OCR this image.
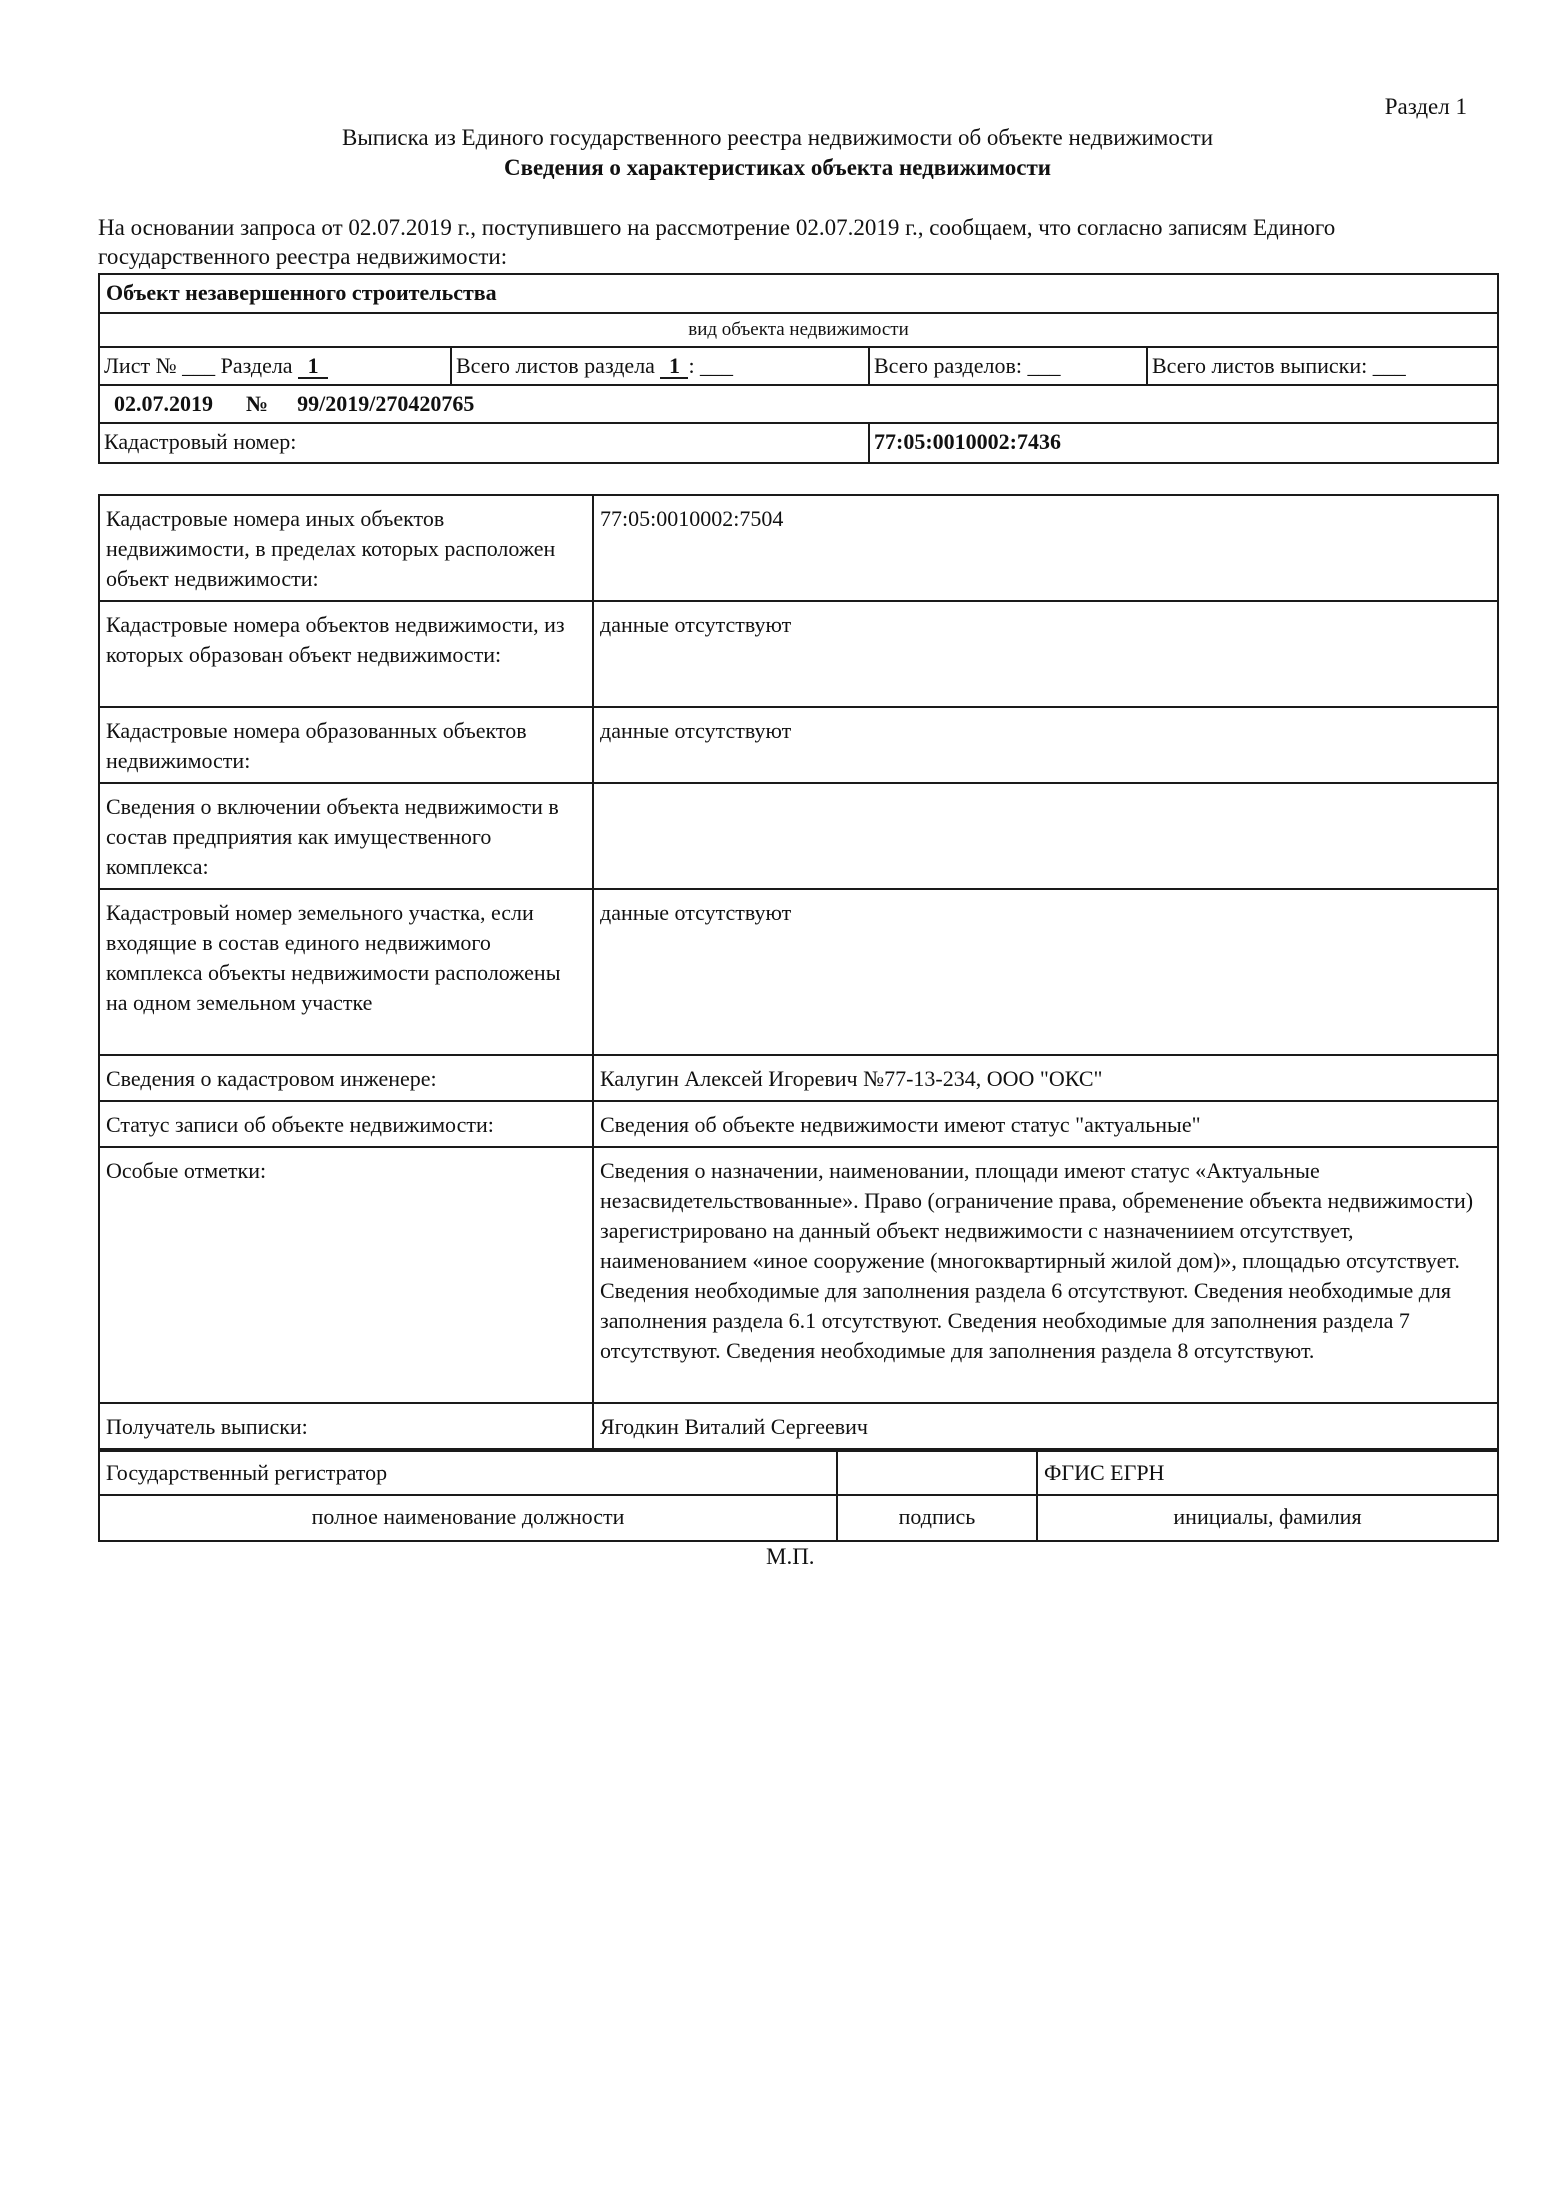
Раздел 1
Выписка из Единого государственного реестра недвижимости об объекте недвижимости
Сведения о характеристиках объекта недвижимости
На основании запроса от 02.07.2019 г., поступившего на рассмотрение 02.07.2019 г., сообщаем, что согласно записям Единого государственного реестра недвижимости:
Объект незавершенного строительства
вид объекта недвижимости
Лист № ___ Раздела 1	Всего листов раздела 1 : ___	Всего разделов: ___	Всего листов выписки: ___
02.07.2019 № 99/2019/270420765
Кадастровый номер:	77:05:0010002:7436
Кадастровые номера иных объектов недвижимости, в пределах которых расположен объект недвижимости:	77:05:0010002:7504
Кадастровые номера объектов недвижимости, из которых образован объект недвижимости:	данные отсутствуют
Кадастровые номера образованных объектов недвижимости:	данные отсутствуют
Сведения о включении объекта недвижимости в состав предприятия как имущественного комплекса:	
Кадастровый номер земельного участка, если входящие в состав единого недвижимого комплекса объекты недвижимости расположены на одном земельном участке	данные отсутствуют
Сведения о кадастровом инженере:	Калугин Алексей Игоревич №77-13-234, ООО "ОКС"
Статус записи об объекте недвижимости:	Сведения об объекте недвижимости имеют статус "актуальные"
Особые отметки:	Сведения о назначении, наименовании, площади имеют статус «Актуальные незасвидетельствованные». Право (ограничение права, обременение объекта недвижимости) зарегистрировано на данный объект недвижимости с назначениием отсутствует, наименованием «иное сооружение (многоквартирный жилой дом)», площадью отсутствует. Сведения необходимые для заполнения раздела 6 отсутствуют. Сведения необходимые для заполнения раздела 6.1 отсутствуют. Сведения необходимые для заполнения раздела 7 отсутствуют. Сведения необходимые для заполнения раздела 8 отсутствуют.
Получатель выписки:	Ягодкин Виталий Сергеевич
Государственный регистратор		ФГИС ЕГРН
полное наименование должности	подпись	инициалы, фамилия
М.П.
